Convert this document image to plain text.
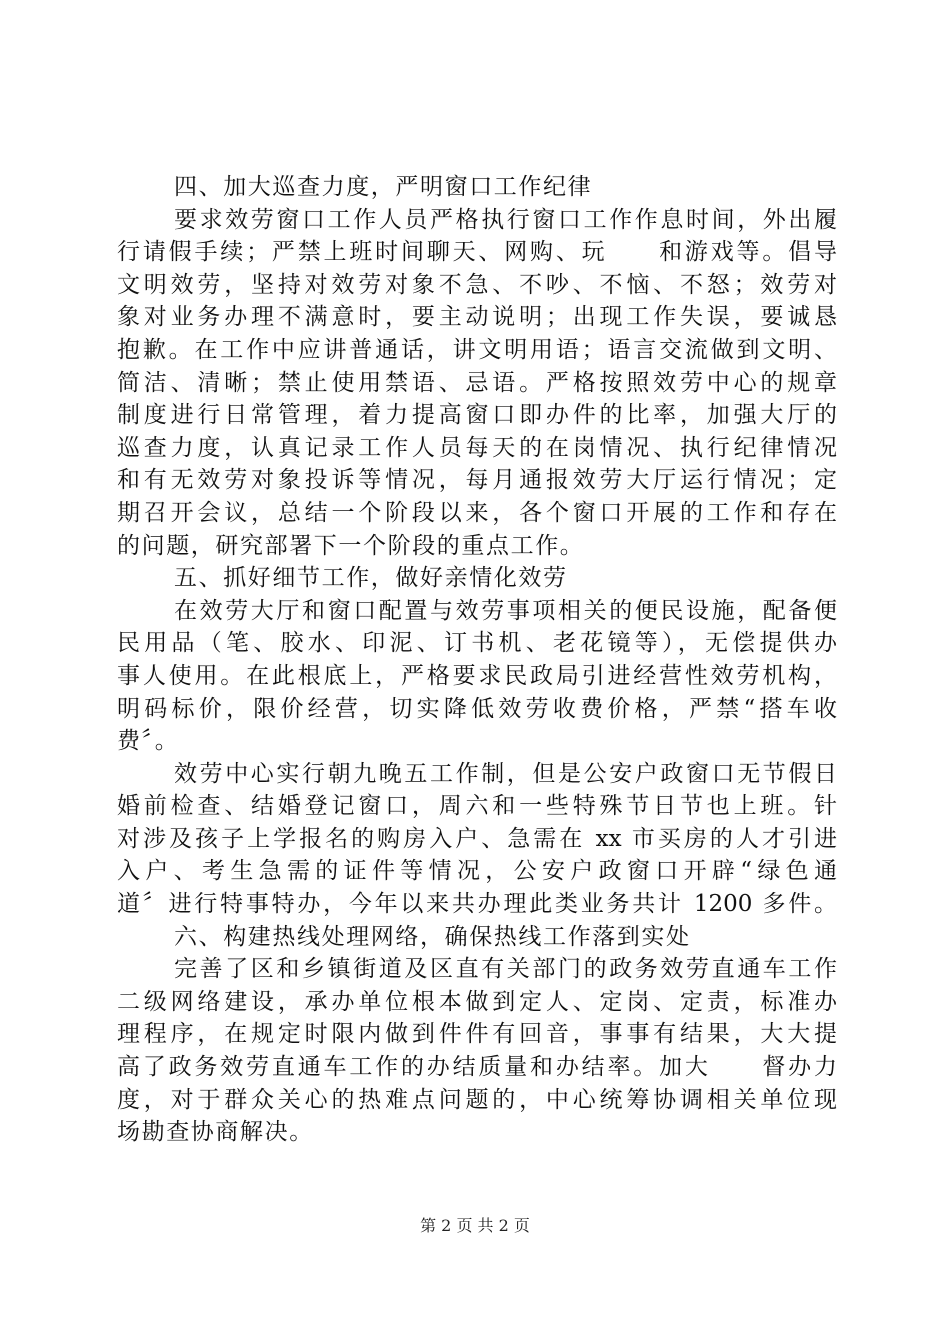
四、加大巡查力度，严明窗口工作纪律
要求效劳窗口工作人员严格执行窗口工作作息时间，外出履
行请假手续；严禁上班时间聊天、网购、玩　　和游戏等。倡导
文明效劳，坚持对效劳对象不急、不吵、不恼、不怒；效劳对
象对业务办理不满意时，要主动说明；出现工作失误，要诚恳
抱歉。在工作中应讲普通话，讲文明用语；语言交流做到文明、
简洁、清晰；禁止使用禁语、忌语。严格按照效劳中心的规章
制度进行日常管理，着力提高窗口即办件的比率，加强大厅的
巡查力度，认真记录工作人员每天的在岗情况、执行纪律情况
和有无效劳对象投诉等情况，每月通报效劳大厅运行情况；定
期召开会议，总结一个阶段以来，各个窗口开展的工作和存在
的问题，研究部署下一个阶段的重点工作。
五、抓好细节工作，做好亲情化效劳
在效劳大厅和窗口配置与效劳事项相关的便民设施，配备便
民用品（笔、胶水、印泥、订书机、老花镜等），无偿提供办
事人使用。在此根底上，严格要求民政局引进经营性效劳机构，
明码标价，限价经营，切实降低效劳收费价格，严禁“搭车收
费〞。
效劳中心实行朝九晚五工作制，但是公安户政窗口无节假日
婚前检查、结婚登记窗口，周六和一些特殊节日节也上班。针
对涉及孩子上学报名的购房入户、急需在 xx 市买房的人才引进
入户、考生急需的证件等情况，公安户政窗口开辟“绿色通
道〞进行特事特办，今年以来共办理此类业务共计 1200 多件。
六、构建热线处理网络，确保热线工作落到实处
完善了区和乡镇街道及区直有关部门的政务效劳直通车工作
二级网络建设，承办单位根本做到定人、定岗、定责，标准办
理程序，在规定时限内做到件件有回音，事事有结果，大大提
高了政务效劳直通车工作的办结质量和办结率。加大　　督办力
度，对于群众关心的热难点问题的，中心统筹协调相关单位现
场勘查协商解决。
第 2 页 共 2 页
